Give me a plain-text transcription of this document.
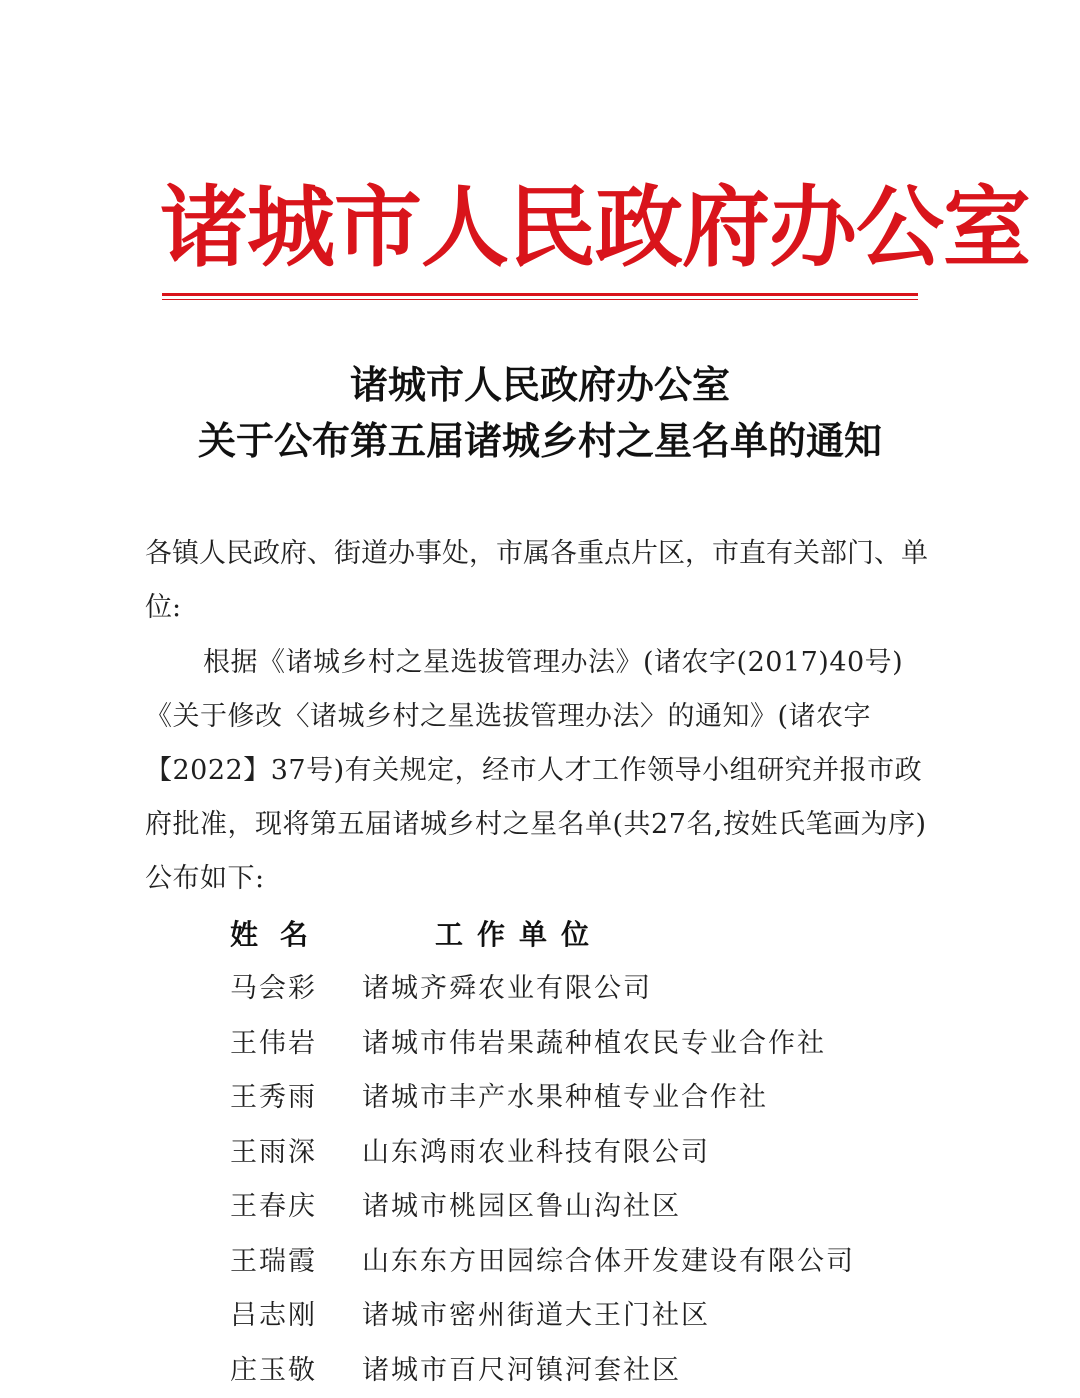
诸城市人民政府办公室
诸城市人民政府办公室
关于公布第五届诸城乡村之星名单的通知
各镇人民政府、街道办事处，市属各重点片区，市直有关部门、单位:
根据《诸城乡村之星选拔管理办法》(诸农字(2017)40号)《关于修改〈诸城乡村之星选拔管理办法〉的通知》(诸农字【2022】37号)有关规定，经市人才工作领导小组研究并报市政府批准，现将第五届诸城乡村之星名单(共27名,按姓氏笔画为序)公布如下:
姓名	工作单位
马会彩 诸城齐舜农业有限公司
王伟岩 诸城市伟岩果蔬种植农民专业合作社
王秀雨 诸城市丰产水果种植专业合作社
王雨深 山东鸿雨农业科技有限公司
王春庆 诸城市桃园区鲁山沟社区
王瑞霞 山东东方田园综合体开发建设有限公司
吕志刚 诸城市密州街道大王门社区
庄玉敬 诸城市百尺河镇河套社区
